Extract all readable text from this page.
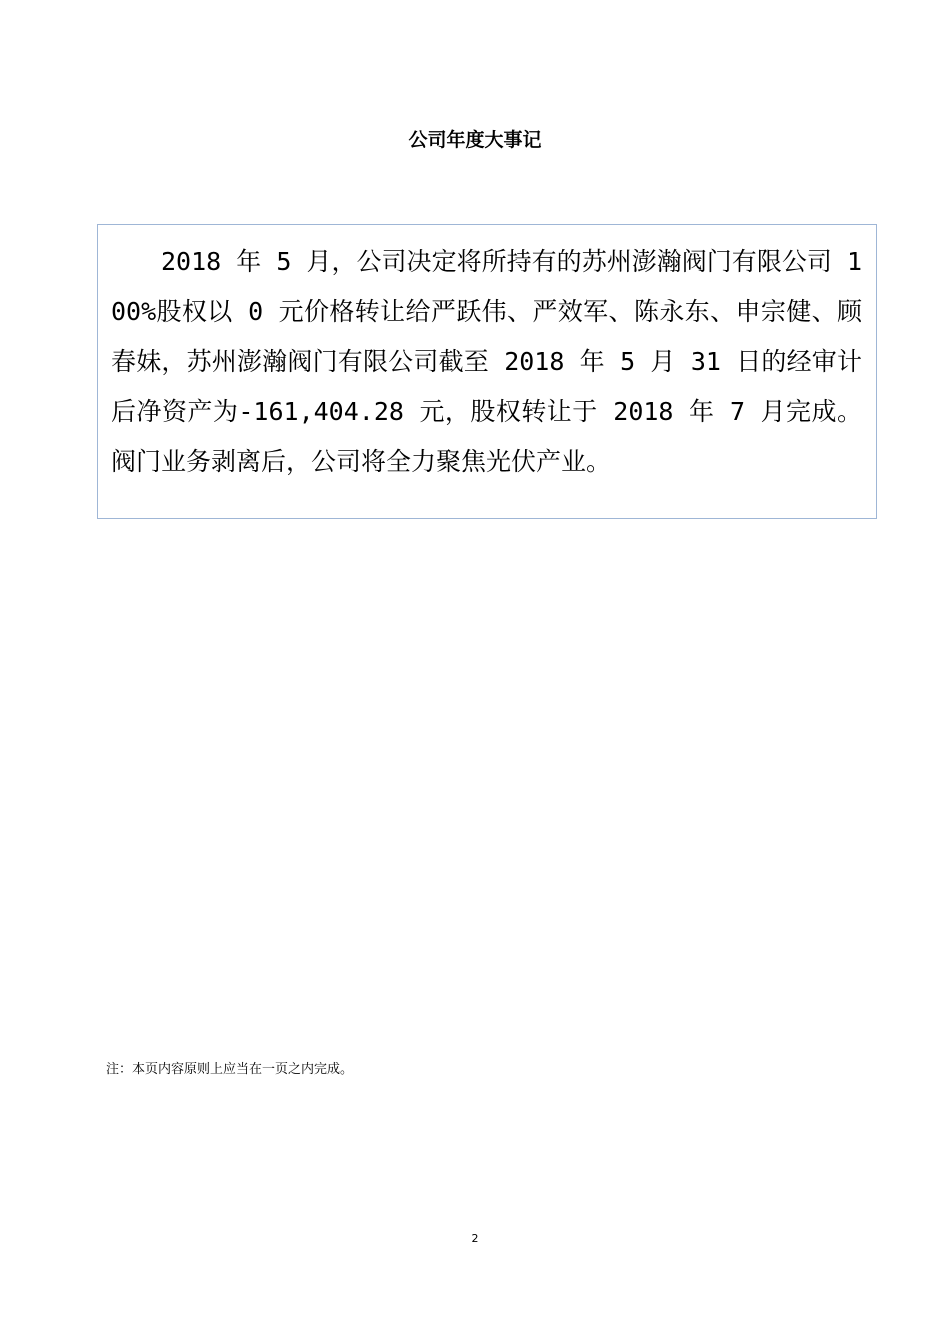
公司年度大事记

2018 年 5 月，公司决定将所持有的苏州澎瀚阀门有限公司 100%股权以 0 元价格转让给严跃伟、严效军、陈永东、申宗健、顾春妹，苏州澎瀚阀门有限公司截至 2018 年 5 月 31 日的经审计后净资产为-161,404.28 元，股权转让于 2018 年 7 月完成。阀门业务剥离后，公司将全力聚焦光伏产业。

注：本页内容原则上应当在一页之内完成。
2
